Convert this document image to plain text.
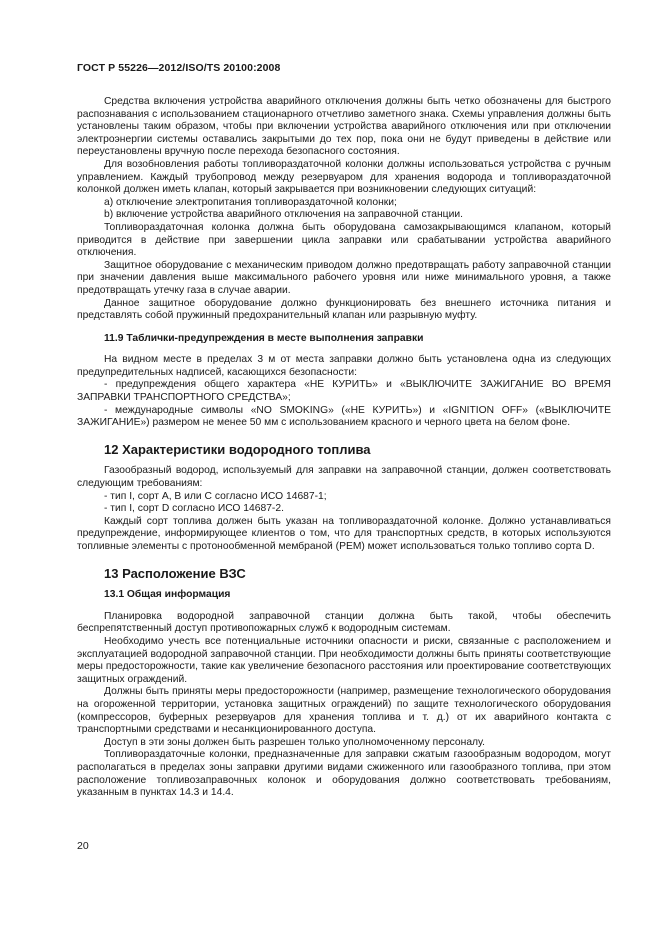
ГОСТ Р 55226—2012/ISO/TS 20100:2008

Средства включения устройства аварийного отключения должны быть четко обозначены для быстрого распознавания с использованием стационарного отчетливо заметного знака. Схемы управления должны быть установлены таким образом, чтобы при включении устройства аварийного отключения или при отключении электроэнергии системы оставались закрытыми до тех пор, пока они не будут приведены в действие или переустановлены вручную после перехода безопасного состояния.

Для возобновления работы топливораздаточной колонки должны использоваться устройства с ручным управлением. Каждый трубопровод между резервуаром для хранения водорода и топливораздаточной колонкой должен иметь клапан, который закрывается при возникновении следующих ситуаций:

a) отключение электропитания топливораздаточной колонки;

b) включение устройства аварийного отключения на заправочной станции.

Топливораздаточная колонка должна быть оборудована самозакрывающимся клапаном, который приводится в действие при завершении цикла заправки или срабатывании устройства аварийного отключения.

Защитное оборудование с механическим приводом должно предотвращать работу заправочной станции при значении давления выше максимального рабочего уровня или ниже минимального уровня, а также предотвращать утечку газа в случае аварии.

Данное защитное оборудование должно функционировать без внешнего источника питания и представлять собой пружинный предохранительный клапан или разрывную муфту.

11.9 Таблички-предупреждения в месте выполнения заправки

На видном месте в пределах 3 м от места заправки должно быть установлена одна из следующих предупредительных надписей, касающихся безопасности:

- предупреждения общего характера «НЕ КУРИТЬ» и «ВЫКЛЮЧИТЕ ЗАЖИГАНИЕ ВО ВРЕМЯ ЗАПРАВКИ ТРАНСПОРТНОГО СРЕДСТВА»;

- международные символы «NO SMOKING» («НЕ КУРИТЬ») и «IGNITION OFF» («ВЫКЛЮЧИТЕ ЗАЖИГАНИЕ») размером не менее 50 мм с использованием красного и черного цвета на белом фоне.

12 Характеристики водородного топлива

Газообразный водород, используемый для заправки на заправочной станции, должен соответствовать следующим требованиям:

- тип I, сорт А, В или С согласно ИСО 14687-1;

- тип I, сорт D согласно ИСО 14687-2.

Каждый сорт топлива должен быть указан на топливораздаточной колонке. Должно устанавливаться предупреждение, информирующее клиентов о том, что для транспортных средств, в которых используются топливные элементы с протонообменной мембраной (PEM) может использоваться только топливо сорта D.

13 Расположение ВЗС
13.1 Общая информация

Планировка водородной заправочной станции должна быть такой, чтобы обеспечить беспрепятственный доступ противопожарных служб к водородным системам.

Необходимо учесть все потенциальные источники опасности и риски, связанные с расположением и эксплуатацией водородной заправочной станции. При необходимости должны быть приняты соответствующие меры предосторожности, такие как увеличение безопасного расстояния или проектирование соответствующих защитных ограждений.

Должны быть приняты меры предосторожности (например, размещение технологического оборудования на огороженной территории, установка защитных ограждений) по защите технологического оборудования (компрессоров, буферных резервуаров для хранения топлива и т. д.) от их аварийного контакта с транспортными средствами и несанкционированного доступа.

Доступ в эти зоны должен быть разрешен только уполномоченному персоналу.

Топливораздаточные колонки, предназначенные для заправки сжатым газообразным водородом, могут располагаться в пределах зоны заправки другими видами сжиженного или газообразного топлива, при этом расположение топливозаправочных колонок и оборудования должно соответствовать требованиям, указанным в пунктах 14.3 и 14.4.

20
